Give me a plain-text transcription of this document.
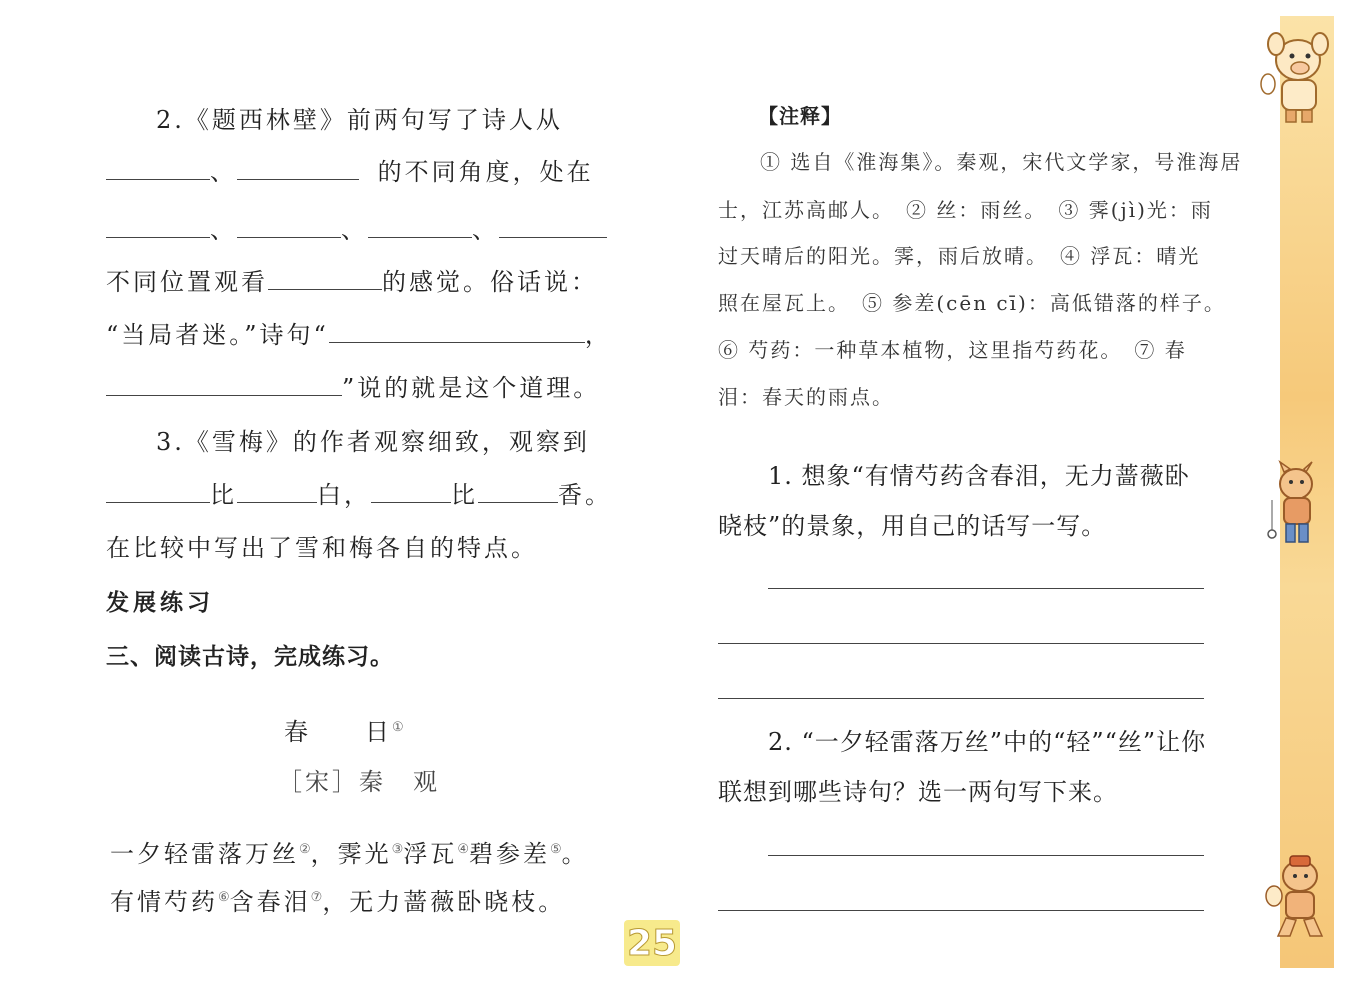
2.《题西林壁》前两句写了诗人从
、	的不同角度，处在
、	、	、
不同位置观看	的感觉。俗话说：
“当局者迷。”诗句“	，
”说的就是这个道理。
3.《雪梅》的作者观察细致，观察到
比	白，	比	香。
在比较中写出了雪和梅各自的特点。
发展练习
三、阅读古诗，完成练习。
春　　日①
［宋］秦　观
一夕轻雷落万丝②，霁光③浮瓦④碧参差⑤。
有情芍药⑥含春泪⑦，无力蔷薇卧晓枝。
【注释】
① 选自《淮海集》。秦观，宋代文学家，号淮海居
士，江苏高邮人。　② 丝：雨丝。　③ 霁(jì)光：雨
过天晴后的阳光。霁，雨后放晴。　④ 浮瓦：晴光
照在屋瓦上。　⑤ 参差(cēn cī)：高低错落的样子。
⑥ 芍药：一种草本植物，这里指芍药花。　⑦ 春
泪：春天的雨点。
1. 想象“有情芍药含春泪，无力蔷薇卧
晓枝”的景象，用自己的话写一写。
2. “一夕轻雷落万丝”中的“轻”“丝”让你
联想到哪些诗句？选一两句写下来。
25
